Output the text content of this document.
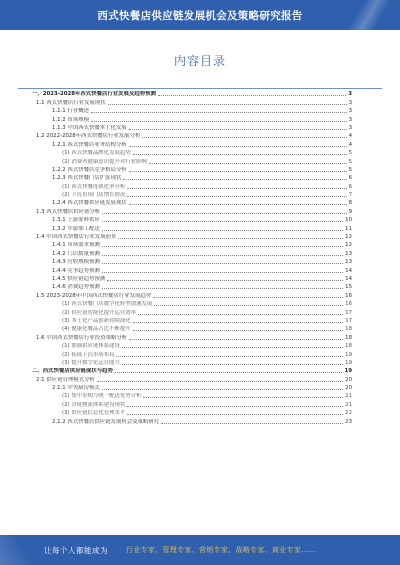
西式快餐店供应链发展机会及策略研究报告
内容目录
一、2023-2028年西式快餐店行业发展及趋势预测	3
1.1 西式快餐店行业发展现状	3
1.1.1 行业概述	3
1.1.2 市场规模	3
1.1.3 中国西式快餐本土化发展	3
1.2 2022-2028年西式快餐店行业发展分析	4
1.2.1 西式快餐店业务结构分析	4
(1) 西式快餐品牌化发展趋势	5
(2) 消费者健康意识提升对行业影响	5
1.2.2 西式快餐店竞争格局分析	5
1.2.3 西式快餐门店扩张现状	6
(1) 西式快餐连锁化率分析	6
(2) 下沉市场门店增长情况	7
1.2.4 西式快餐供应链发展现状	8
1.3 西式快餐店供应链分析	9
1.3.1 上游原料供应	10
1.3.2 中游加工配送	11
1.4 中国西式快餐店行业发展前景	12
1.4.1 市场需求预测	12
1.4.2 门店数量预测	13
1.4.3 营收规模预测	13
1.4.4 竞争趋势预测	14
1.4.5 供应链趋势预测	14
1.4.6 消费趋势预测	15
1.5 2023-2028年中国西式快餐店行业发展趋势	16
(1) 西式快餐门店数字化转型加速发展	16
(2) 供应链智能化提升运营效率	17
(3) 本土化产品创新持续深化	17
(4) 健康化餐品占比不断提升	18
1.6 中国西式快餐店行业投资策略分析	18
(1) 加强供应链体系建设	18
(2) 拓展下沉市场布局	19
(3) 提升数字化运营能力	19
二、西式快餐店供应链现状与趋势	19
2.1 供应链管理模式分析	20
2.1.1 中央厨房模式	20
(1) 集中采购与统一配送优势分析	21
(2) 冷链物流体系建设现状	21
(3) 供应链信息化管理水平	22
2.1.2 西式快餐店供应链发展机会及策略研究	23
让每个人都能成为	行业专家、管理专家、营销专家、战略专家、商业专家……
